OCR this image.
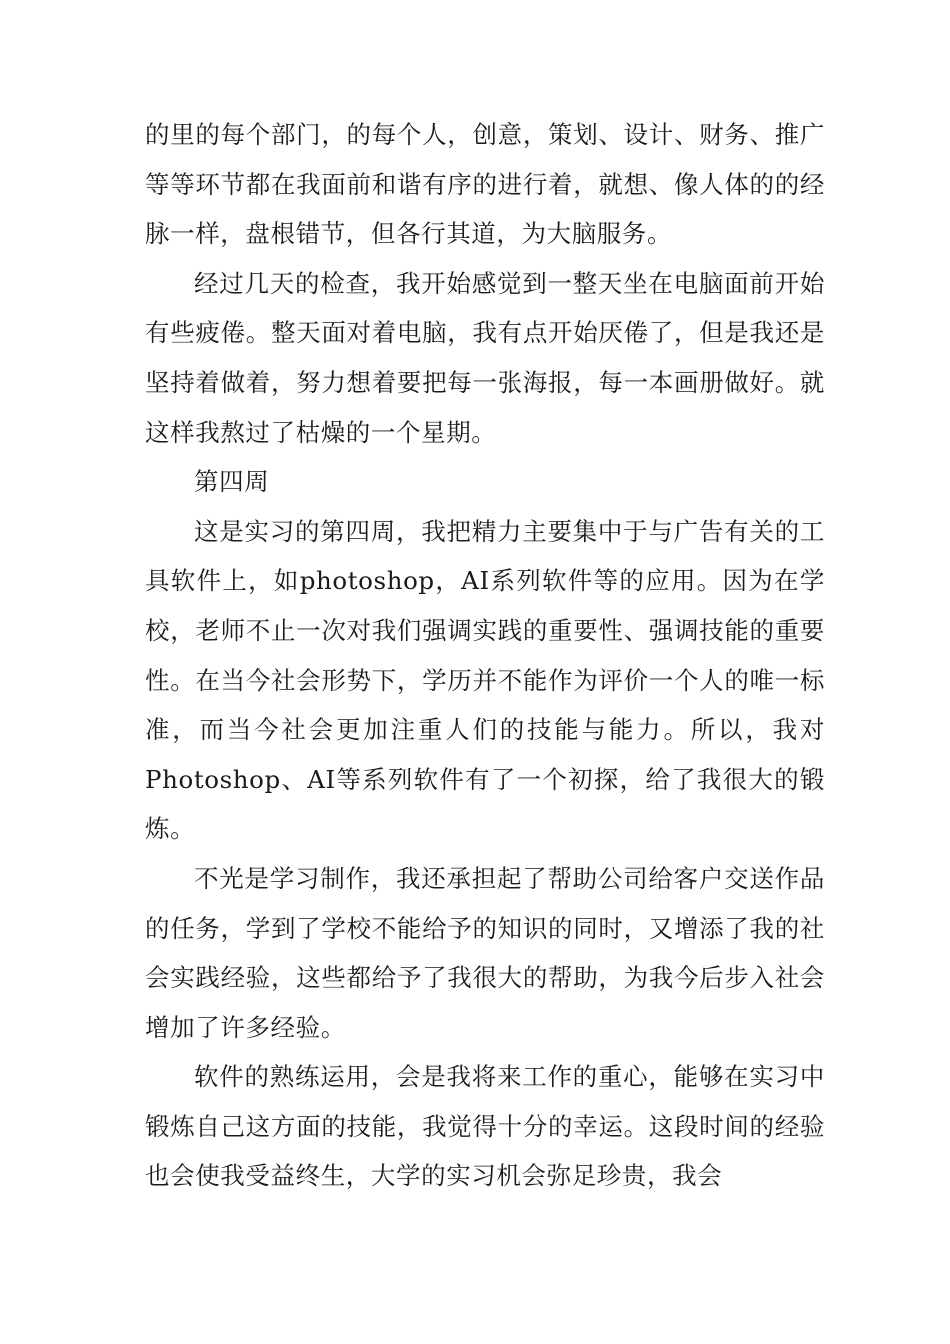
的里的每个部门，的每个人，创意，策划、设计、财务、推广等等环节都在我面前和谐有序的进行着，就想、像人体的的经脉一样，盘根错节，但各行其道，为大脑服务。

经过几天的检查，我开始感觉到一整天坐在电脑面前开始有些疲倦。整天面对着电脑，我有点开始厌倦了，但是我还是坚持着做着，努力想着要把每一张海报，每一本画册做好。就这样我熬过了枯燥的一个星期。

第四周

这是实习的第四周，我把精力主要集中于与广告有关的工具软件上，如photoshop，AI系列软件等的应用。因为在学校，老师不止一次对我们强调实践的重要性、强调技能的重要性。在当今社会形势下，学历并不能作为评价一个人的唯一标准，而当今社会更加注重人们的技能与能力。所以，我对Photoshop、AI等系列软件有了一个初探，给了我很大的锻炼。

不光是学习制作，我还承担起了帮助公司给客户交送作品的任务，学到了学校不能给予的知识的同时，又增添了我的社会实践经验，这些都给予了我很大的帮助，为我今后步入社会增加了许多经验。

软件的熟练运用，会是我将来工作的重心，能够在实习中锻炼自己这方面的技能，我觉得十分的幸运。这段时间的经验也会使我受益终生，大学的实习机会弥足珍贵，我会
